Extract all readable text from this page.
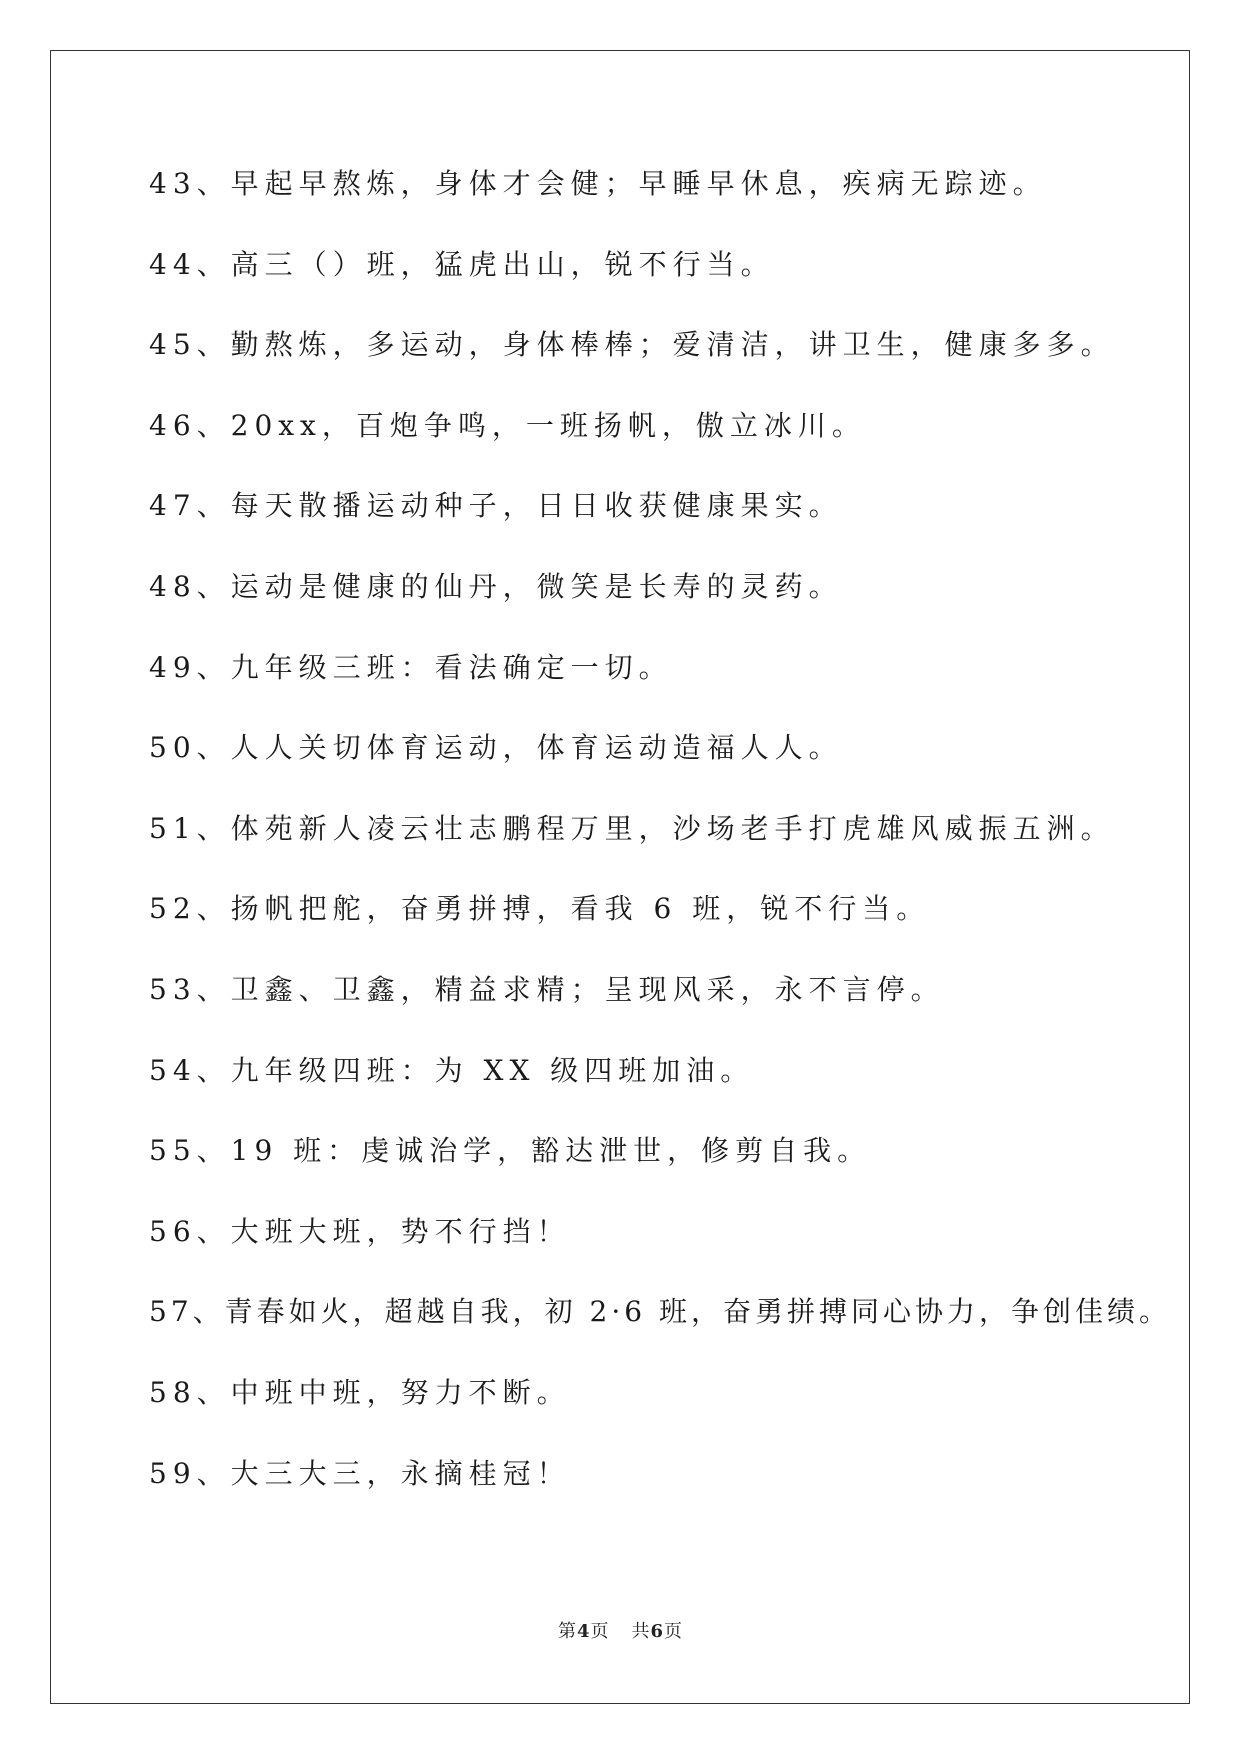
43、早起早熬炼，身体才会健；早睡早休息，疾病无踪迹。
44、高三（）班，猛虎出山，锐不行当。
45、勤熬炼，多运动，身体棒棒；爱清洁，讲卫生，健康多多。
46、20xx，百炮争鸣，一班扬帆，傲立冰川。
47、每天散播运动种子，日日收获健康果实。
48、运动是健康的仙丹，微笑是长寿的灵药。
49、九年级三班：看法确定一切。
50、人人关切体育运动，体育运动造福人人。
51、体苑新人凌云壮志鹏程万里，沙场老手打虎雄风威振五洲。
52、扬帆把舵，奋勇拼搏，看我 6 班，锐不行当。
53、卫鑫、卫鑫，精益求精；呈现风采，永不言停。
54、九年级四班：为 XX 级四班加油。
55、19 班：虔诚治学，豁达泄世，修剪自我。
56、大班大班，势不行挡！
57、青春如火，超越自我，初 2·6 班，奋勇拼搏同心协力，争创佳绩。
58、中班中班，努力不断。
59、大三大三，永摘桂冠！
第4页 共6页
